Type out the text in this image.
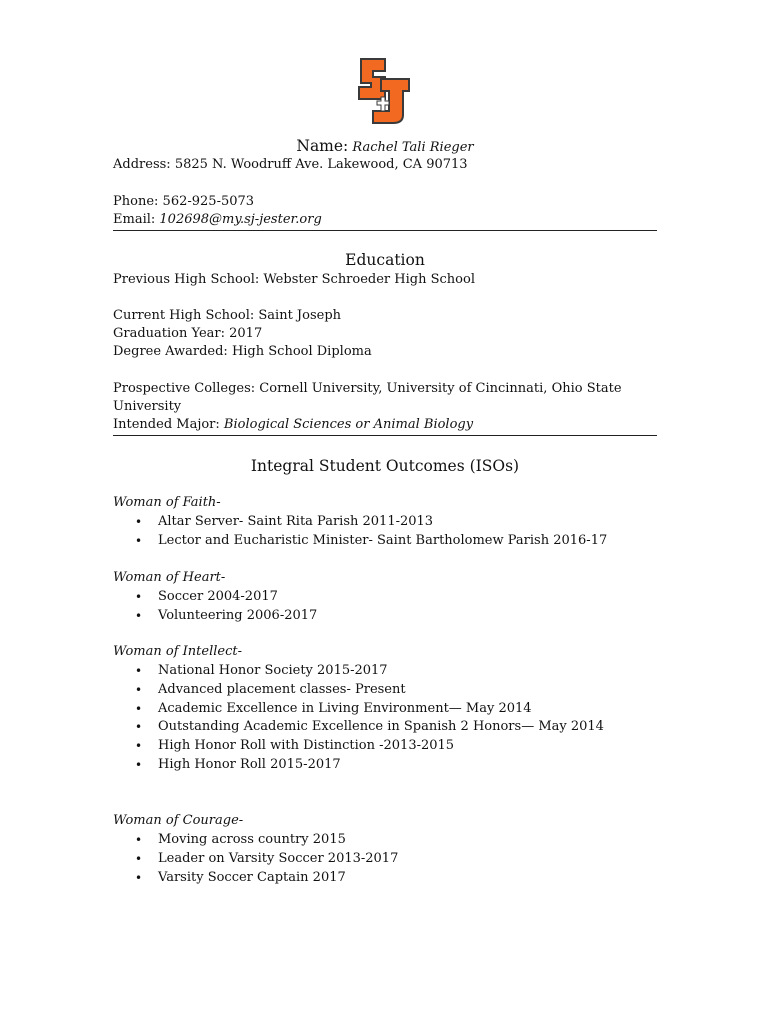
Name: Rachel Tali Rieger
Address: 5825 N. Woodruff Ave. Lakewood, CA 90713
Phone: 562-925-5073
Email: 102698@my.sj-jester.org
Education
Previous High School: Webster Schroeder High School
Current High School: Saint Joseph
Graduation Year: 2017
Degree Awarded: High School Diploma
Prospective Colleges: Cornell University, University of Cincinnati, Ohio State
University
Intended Major: Biological Sciences or Animal Biology
Integral Student Outcomes (ISOs)
Woman of Faith-
• Altar Server- Saint Rita Parish 2011-2013
• Lector and Eucharistic Minister- Saint Bartholomew Parish 2016-17
Woman of Heart-
• Soccer 2004-2017
• Volunteering 2006-2017
Woman of Intellect-
• National Honor Society 2015-2017
• Advanced placement classes- Present
• Academic Excellence in Living Environment— May 2014
• Outstanding Academic Excellence in Spanish 2 Honors— May 2014
• High Honor Roll with Distinction -2013-2015
• High Honor Roll 2015-2017
Woman of Courage-
• Moving across country 2015
• Leader on Varsity Soccer 2013-2017
• Varsity Soccer Captain 2017
